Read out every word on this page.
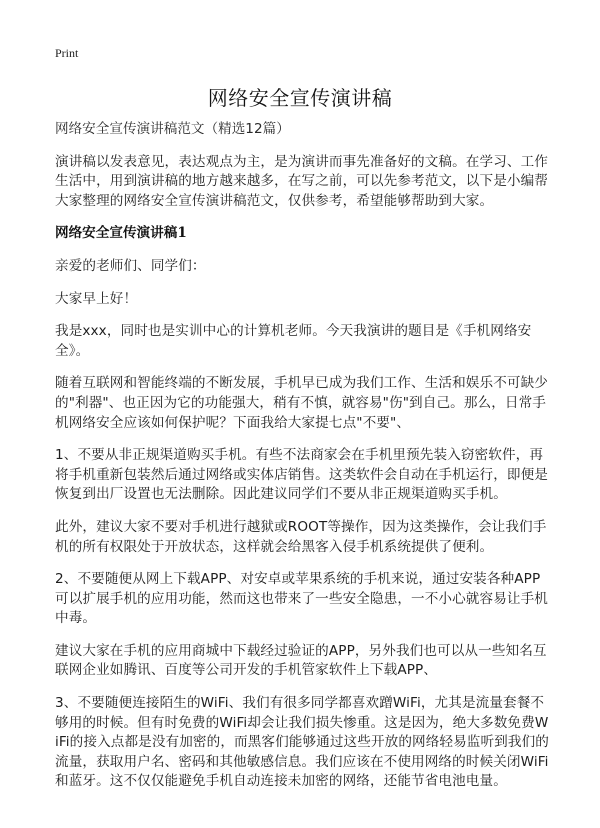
Print
网络安全宣传演讲稿

网络安全宣传演讲稿范文（精选12篇）

演讲稿以发表意见，表达观点为主，是为演讲而事先准备好的文稿。在学习、工作生活中，用到演讲稿的地方越来越多，在写之前，可以先参考范文，以下是小编帮大家整理的网络安全宣传演讲稿范文，仅供参考，希望能够帮助到大家。

网络安全宣传演讲稿1

亲爱的老师们、同学们：

大家早上好！

我是xxx，同时也是实训中心的计算机老师。今天我演讲的题目是《手机网络安全》。

随着互联网和智能终端的不断发展，手机早已成为我们工作、生活和娱乐不可缺少的"利器"、也正因为它的功能强大，稍有不慎，就容易"伤"到自己。那么，日常手机网络安全应该如何保护呢？下面我给大家提七点"不要"、

1、不要从非正规渠道购买手机。有些不法商家会在手机里预先装入窃密软件，再将手机重新包装然后通过网络或实体店销售。这类软件会自动在手机运行，即便是恢复到出厂设置也无法删除。因此建议同学们不要从非正规渠道购买手机。

此外，建议大家不要对手机进行越狱或ROOT等操作，因为这类操作，会让我们手机的所有权限处于开放状态，这样就会给黑客入侵手机系统提供了便利。

2、不要随便从网上下载APP、对安卓或苹果系统的手机来说，通过安装各种APP可以扩展手机的应用功能，然而这也带来了一些安全隐患，一不小心就容易让手机中毒。

建议大家在手机的应用商城中下载经过验证的APP，另外我们也可以从一些知名互联网企业如腾讯、百度等公司开发的手机管家软件上下载APP、

3、不要随便连接陌生的WiFi、我们有很多同学都喜欢蹭WiFi，尤其是流量套餐不够用的时候。但有时免费的WiFi却会让我们损失惨重。这是因为，绝大多数免费WiFi的接入点都是没有加密的，而黑客们能够通过这些开放的网络轻易监听到我们的流量，获取用户名、密码和其他敏感信息。我们应该在不使用网络的时候关闭WiFi和蓝牙。这不仅仅能避免手机自动连接未加密的网络，还能节省电池电量。
